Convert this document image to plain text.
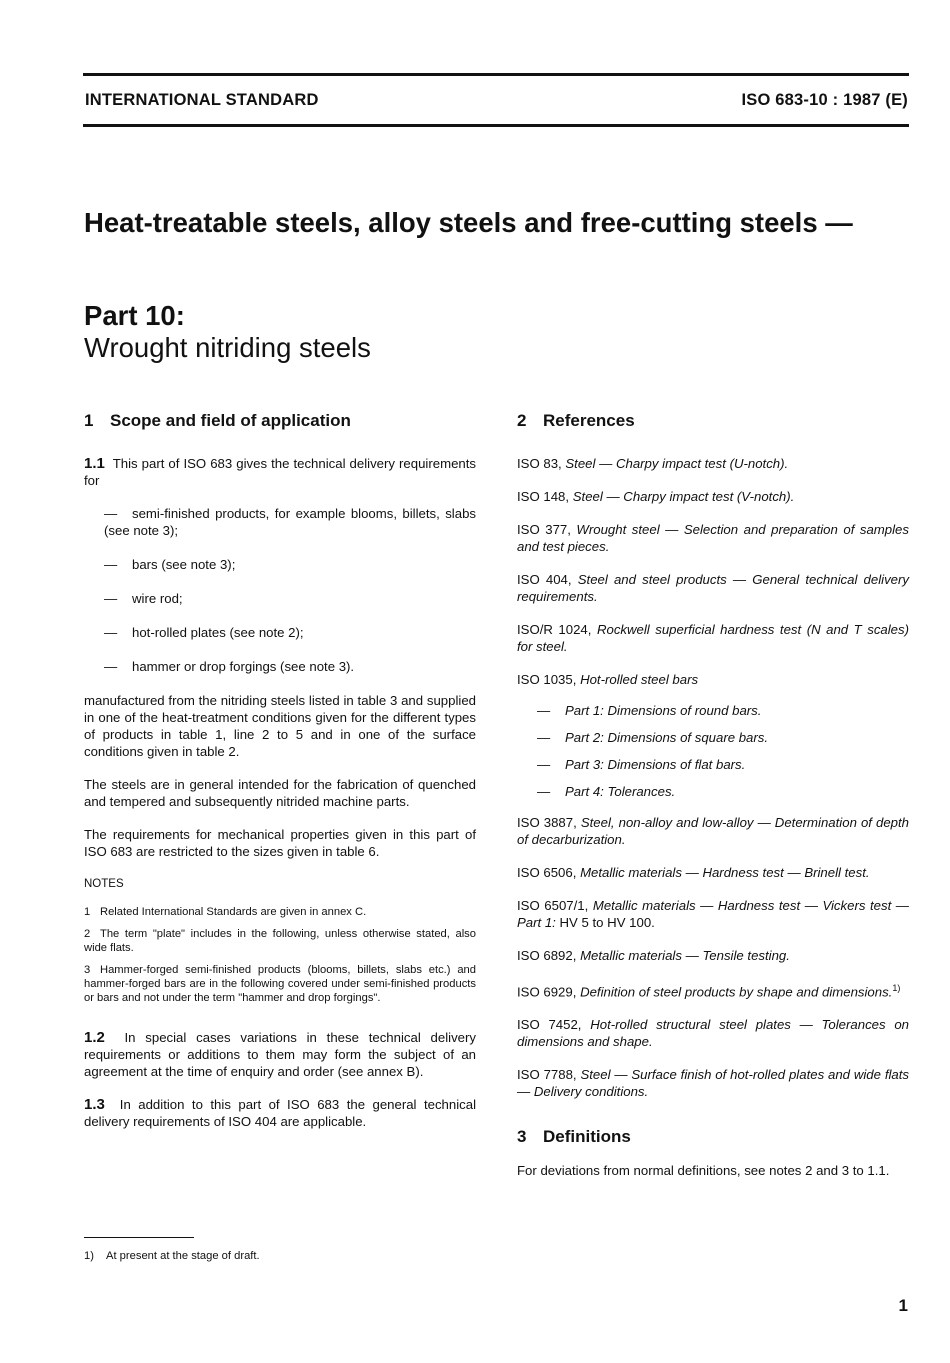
INTERNATIONAL STANDARD	ISO 683-10 : 1987 (E)
Heat-treatable steels, alloy steels and free-cutting steels —
Part 10:
Wrought nitriding steels
1 Scope and field of application

1.1 This part of ISO 683 gives the technical delivery requirements for

— semi-finished products, for example blooms, billets, slabs (see note 3);
— bars (see note 3);
— wire rod;
— hot-rolled plates (see note 2);
— hammer or drop forgings (see note 3).

manufactured from the nitriding steels listed in table 3 and supplied in one of the heat-treatment conditions given for the different types of products in table 1, line 2 to 5 and in one of the surface conditions given in table 2.

The steels are in general intended for the fabrication of quenched and tempered and subsequently nitrided machine parts.

The requirements for mechanical properties given in this part of ISO 683 are restricted to the sizes given in table 6.

NOTES
1 Related International Standards are given in annex C.
2 The term "plate" includes in the following, unless otherwise stated, also wide flats.
3 Hammer-forged semi-finished products (blooms, billets, slabs etc.) and hammer-forged bars are in the following covered under semi-finished products or bars and not under the term "hammer and drop forgings".

1.2 In special cases variations in these technical delivery requirements or additions to them may form the subject of an agreement at the time of enquiry and order (see annex B).

1.3 In addition to this part of ISO 683 the general technical delivery requirements of ISO 404 are applicable.

2 References
ISO 83, Steel — Charpy impact test (U-notch).
ISO 148, Steel — Charpy impact test (V-notch).
ISO 377, Wrought steel — Selection and preparation of samples and test pieces.
ISO 404, Steel and steel products — General technical delivery requirements.
ISO/R 1024, Rockwell superficial hardness test (N and T scales) for steel.
ISO 1035, Hot-rolled steel bars
— Part 1: Dimensions of round bars.
— Part 2: Dimensions of square bars.
— Part 3: Dimensions of flat bars.
— Part 4: Tolerances.
ISO 3887, Steel, non-alloy and low-alloy — Determination of depth of decarburization.
ISO 6506, Metallic materials — Hardness test — Brinell test.
ISO 6507/1, Metallic materials — Hardness test — Vickers test — Part 1: HV 5 to HV 100.
ISO 6892, Metallic materials — Tensile testing.
ISO 6929, Definition of steel products by shape and dimensions.$^{1)}$
ISO 7452, Hot-rolled structural steel plates — Tolerances on dimensions and shape.
ISO 7788, Steel — Surface finish of hot-rolled plates and wide flats — Delivery conditions.
3 Definitions

For deviations from normal definitions, see notes 2 and 3 to 1.1.

1) At present at the stage of draft.
1
